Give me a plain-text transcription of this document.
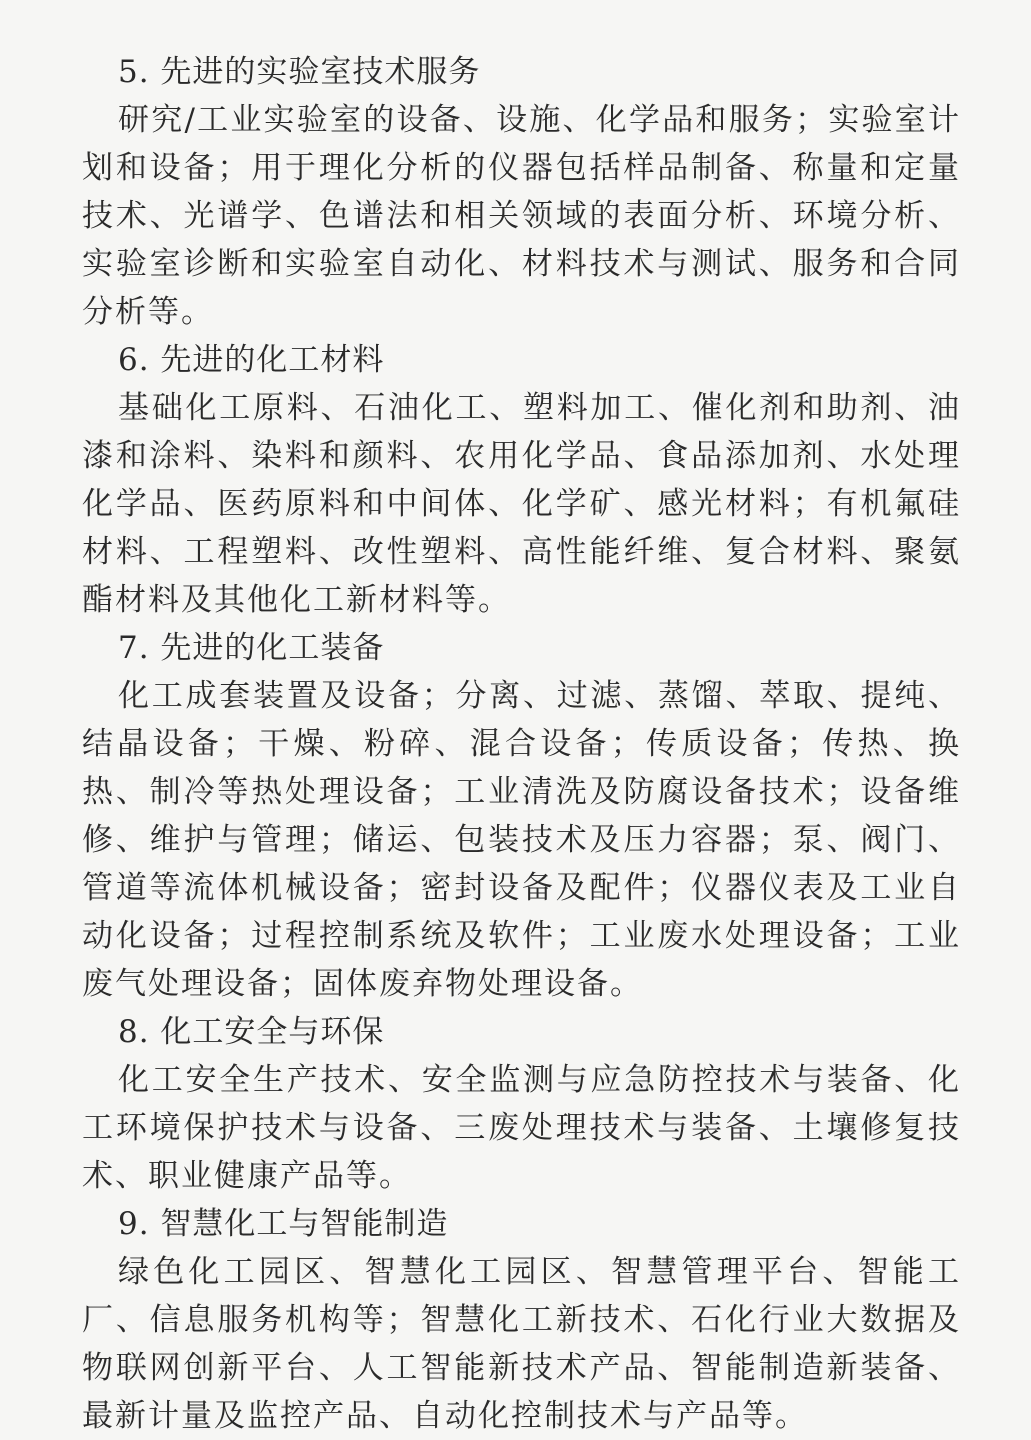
5. 先进的实验室技术服务

研究/工业实验室的设备、设施、化学品和服务；实验室计划和设备；用于理化分析的仪器包括样品制备、称量和定量技术、光谱学、色谱法和相关领域的表面分析、环境分析、实验室诊断和实验室自动化、材料技术与测试、服务和合同分析等。

6. 先进的化工材料

基础化工原料、石油化工、塑料加工、催化剂和助剂、油漆和涂料、染料和颜料、农用化学品、食品添加剂、水处理化学品、医药原料和中间体、化学矿、感光材料；有机氟硅材料、工程塑料、改性塑料、高性能纤维、复合材料、聚氨酯材料及其他化工新材料等。

7. 先进的化工装备

化工成套装置及设备；分离、过滤、蒸馏、萃取、提纯、结晶设备；干燥、粉碎、混合设备；传质设备；传热、换热、制冷等热处理设备；工业清洗及防腐设备技术；设备维修、维护与管理；储运、包装技术及压力容器；泵、阀门、管道等流体机械设备；密封设备及配件；仪器仪表及工业自动化设备；过程控制系统及软件；工业废水处理设备；工业废气处理设备；固体废弃物处理设备。

8. 化工安全与环保

化工安全生产技术、安全监测与应急防控技术与装备、化工环境保护技术与设备、三废处理技术与装备、土壤修复技术、职业健康产品等。

9. 智慧化工与智能制造

绿色化工园区、智慧化工园区、智慧管理平台、智能工厂、信息服务机构等；智慧化工新技术、石化行业大数据及物联网创新平台、人工智能新技术产品、智能制造新装备、最新计量及监控产品、自动化控制技术与产品等。
